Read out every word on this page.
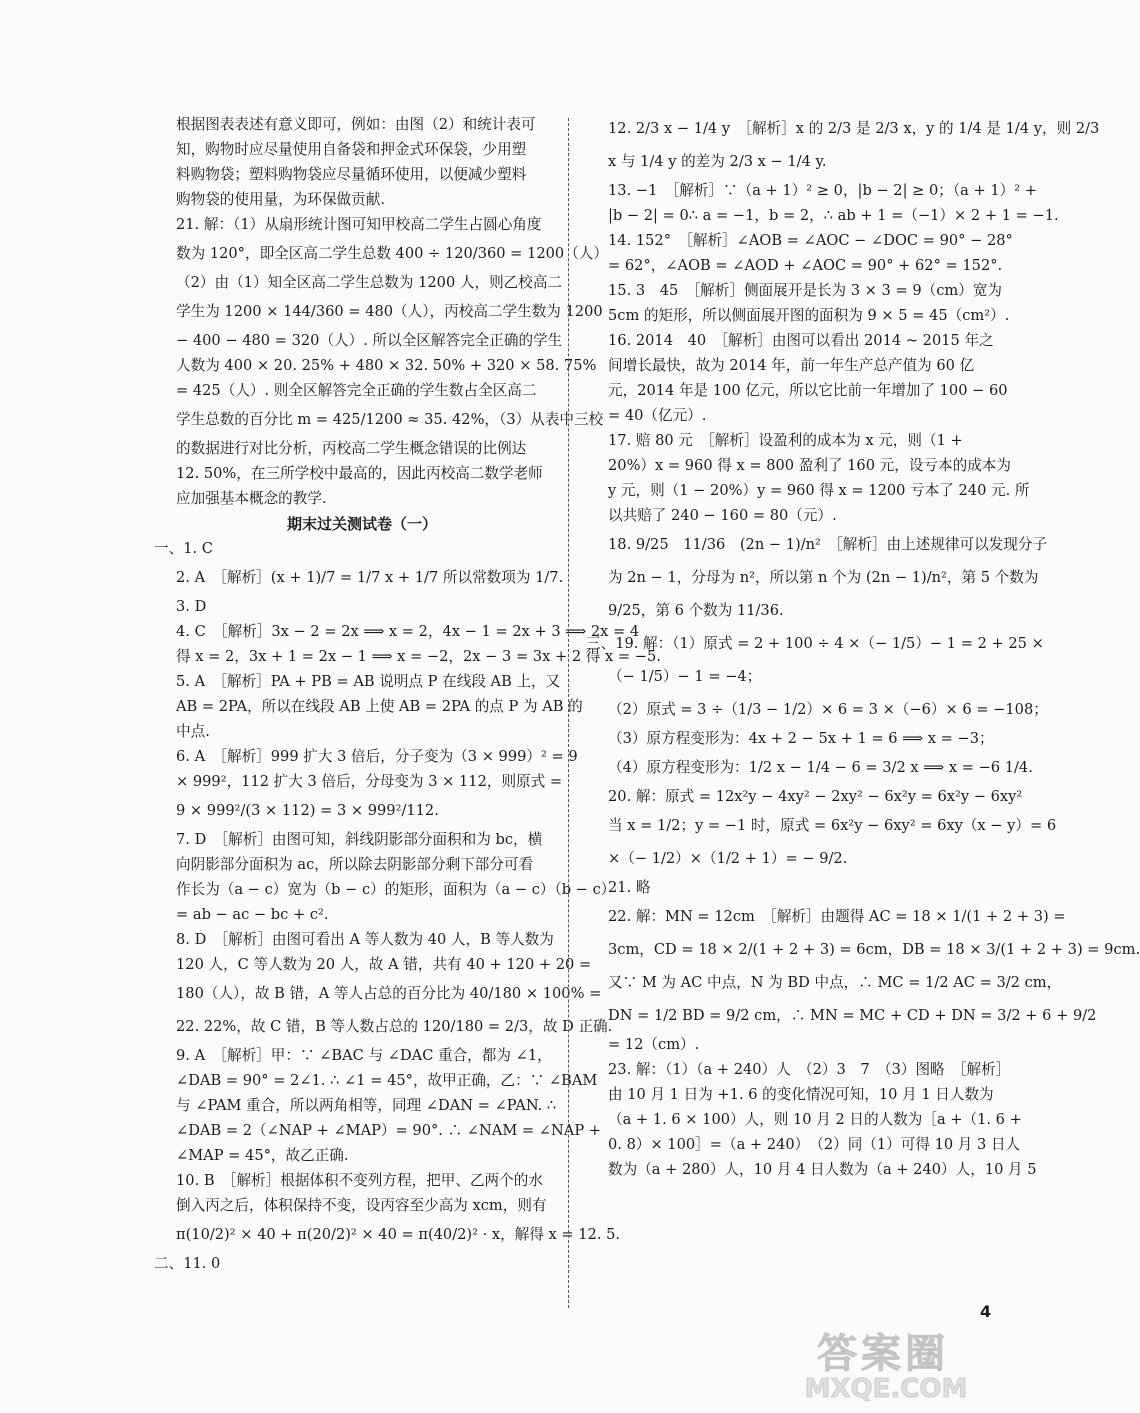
根据图表表述有意义即可，例如：由图（2）和统计表可
知，购物时应尽量使用自备袋和押金式环保袋，少用塑
料购物袋；塑料购物袋应尽量循环使用，以便减少塑料
购物袋的使用量，为环保做贡献.
21. 解：（1）从扇形统计图可知甲校高二学生占圆心角度
数为 120°，即全区高二学生总数 400 ÷ 120/360 = 1200（人）
（2）由（1）知全区高二学生总数为 1200 人，则乙校高二
学生为 1200 × 144/360 = 480（人），丙校高二学生数为 1200
− 400 − 480 = 320（人）. 所以全区解答完全正确的学生
人数为 400 × 20. 25% + 480 × 32. 50% + 320 × 58. 75%
= 425（人）. 则全区解答完全正确的学生数占全区高二
学生总数的百分比 m = 425/1200 ≈ 35. 42%，（3）从表中三校
的数据进行对比分析，丙校高二学生概念错误的比例达
12. 50%，在三所学校中最高的，因此丙校高二数学老师
应加强基本概念的教学.
期末过关测试卷（一）
一、1. C
2. A　［解析］(x + 1)/7 = 1/7 x + 1/7 所以常数项为 1/7.
3. D
4. C　［解析］3x − 2 = 2x ⟹ x = 2，4x − 1 = 2x + 3 ⟹ 2x = 4
得 x = 2，3x + 1 = 2x − 1 ⟹ x = −2，2x − 3 = 3x + 2 得 x = −5.
5. A　［解析］PA + PB = AB 说明点 P 在线段 AB 上，又
AB = 2PA，所以在线段 AB 上使 AB = 2PA 的点 P 为 AB 的
中点.
6. A　［解析］999 扩大 3 倍后，分子变为（3 × 999）² = 9
× 999²，112 扩大 3 倍后，分母变为 3 × 112，则原式 =
9 × 999²/(3 × 112) = 3 × 999²/112.
7. D　［解析］由图可知，斜线阴影部分面积和为 bc，横
向阴影部分面积为 ac，所以除去阴影部分剩下部分可看
作长为（a − c）宽为（b − c）的矩形，面积为（a − c）（b − c）
= ab − ac − bc + c².
8. D　［解析］由图可看出 A 等人数为 40 人，B 等人数为
120 人，C 等人数为 20 人，故 A 错，共有 40 + 120 + 20 =
180（人），故 B 错，A 等人占总的百分比为 40/180 × 100% =
22. 22%，故 C 错，B 等人数占总的 120/180 = 2/3，故 D 正确.
9. A　［解析］甲：∵ ∠BAC 与 ∠DAC 重合，都为 ∠1，
∠DAB = 90° = 2∠1. ∴ ∠1 = 45°，故甲正确，乙：∵ ∠BAM
与 ∠PAM 重合，所以两角相等，同理 ∠DAN = ∠PAN. ∴
∠DAB = 2（∠NAP + ∠MAP）= 90°. ∴ ∠NAM = ∠NAP +
∠MAP = 45°，故乙正确.
10. B　［解析］根据体积不变列方程，把甲、乙两个的水
倒入丙之后，体积保持不变，设丙容至少高为 xcm，则有
π(10/2)² × 40 + π(20/2)² × 40 = π(40/2)² · x，解得 x = 12. 5.
二、11. 0
12. 2/3 x − 1/4 y　［解析］x 的 2/3 是 2/3 x，y 的 1/4 是 1/4 y，则 2/3
x 与 1/4 y 的差为 2/3 x − 1/4 y.
13. −1　［解析］∵（a + 1）² ≥ 0，|b − 2| ≥ 0；（a + 1）² +
|b − 2| = 0∴ a = −1，b = 2，∴ ab + 1 =（−1）× 2 + 1 = −1.
14. 152°　［解析］∠AOB = ∠AOC − ∠DOC = 90° − 28°
= 62°，∠AOB = ∠AOD + ∠AOC = 90° + 62° = 152°.
15. 3　45　［解析］侧面展开是长为 3 × 3 = 9（cm）宽为
5cm 的矩形，所以侧面展开图的面积为 9 × 5 = 45（cm²）.
16. 2014　40　［解析］由图可以看出 2014 ~ 2015 年之
间增长最快，故为 2014 年，前一年生产总产值为 60 亿
元，2014 年是 100 亿元，所以它比前一年增加了 100 − 60
= 40（亿元）.
17. 赔 80 元　［解析］设盈利的成本为 x 元，则（1 +
20%）x = 960 得 x = 800 盈利了 160 元，设亏本的成本为
y 元，则（1 − 20%）y = 960 得 x = 1200 亏本了 240 元. 所
以共赔了 240 − 160 = 80（元）.
18. 9/25　11/36　(2n − 1)/n²　［解析］由上述规律可以发现分子
为 2n − 1，分母为 n²，所以第 n 个为 (2n − 1)/n²，第 5 个数为
9/25，第 6 个数为 11/36.
三、19. 解：（1）原式 = 2 + 100 ÷ 4 ×（− 1/5）− 1 = 2 + 25 ×
（− 1/5）− 1 = −4；
（2）原式 = 3 ÷（1/3 − 1/2）× 6 = 3 ×（−6）× 6 = −108；
（3）原方程变形为：4x + 2 − 5x + 1 = 6 ⟹ x = −3；
（4）原方程变形为：1/2 x − 1/4 − 6 = 3/2 x ⟹ x = −6 1/4.
20. 解：原式 = 12x²y − 4xy² − 2xy² − 6x²y = 6x²y − 6xy²
当 x = 1/2；y = −1 时，原式 = 6x²y − 6xy² = 6xy（x − y）= 6
×（− 1/2）×（1/2 + 1）= − 9/2.
21. 略
22. 解：MN = 12cm　［解析］由题得 AC = 18 × 1/(1 + 2 + 3) =
3cm，CD = 18 × 2/(1 + 2 + 3) = 6cm，DB = 18 × 3/(1 + 2 + 3) = 9cm.
又∵ M 为 AC 中点，N 为 BD 中点，∴ MC = 1/2 AC = 3/2 cm，
DN = 1/2 BD = 9/2 cm，∴ MN = MC + CD + DN = 3/2 + 6 + 9/2
= 12（cm）.
23. 解：（1）（a + 240）人　（2）3　7　（3）图略　［解析］
由 10 月 1 日为 +1. 6 的变化情况可知，10 月 1 日人数为
（a + 1. 6 × 100）人，则 10 月 2 日的人数为［a +（1. 6 +
0. 8）× 100］=（a + 240）　（2）同（1）可得 10 月 3 日人
数为（a + 280）人，10 月 4 日人数为（a + 240）人，10 月 5
4
答案圈
MXQE.COM
